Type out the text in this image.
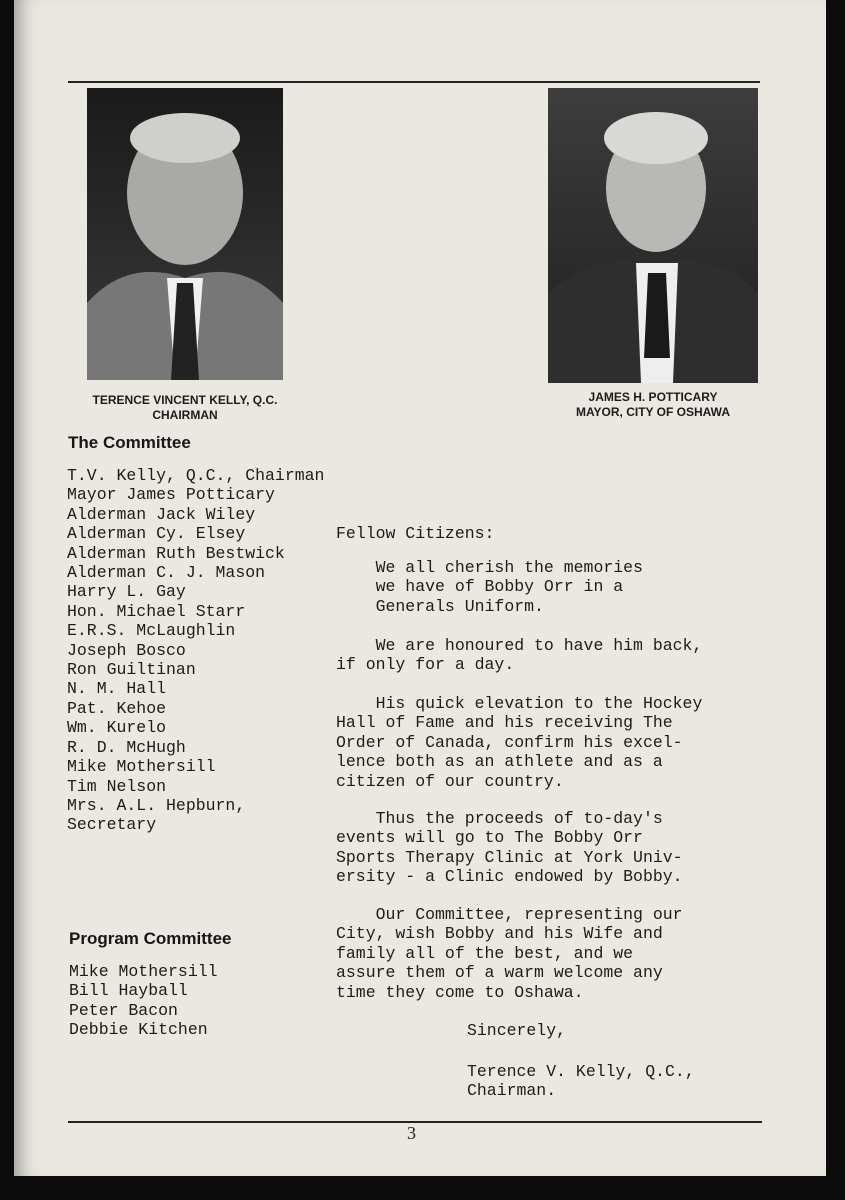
TERENCE VINCENT KELLY, Q.C.
CHAIRMAN
JAMES H. POTTICARY
MAYOR, CITY OF OSHAWA
The Committee
T.V. Kelly, Q.C., Chairman
Mayor James Potticary
Alderman Jack Wiley
Alderman Cy. Elsey
Alderman Ruth Bestwick
Alderman C. J. Mason
Harry L. Gay
Hon. Michael Starr
E.R.S. McLaughlin
Joseph Bosco
Ron Guiltinan
N. M. Hall
Pat. Kehoe
Wm. Kurelo
R. D. McHugh
Mike Mothersill
Tim Nelson
Mrs. A.L. Hepburn,
Secretary
Program Committee
Mike Mothersill
Bill Hayball
Peter Bacon
Debbie Kitchen
Fellow Citizens:
We all cherish the memories
we have of Bobby Orr in a
Generals Uniform.
We are honoured to have him back,
if only for a day.
His quick elevation to the Hockey
Hall of Fame and his receiving The
Order of Canada, confirm his excel-
lence both as an athlete and as a
citizen of our country.
Thus the proceeds of to-day's
events will go to The Bobby Orr
Sports Therapy Clinic at York Univ-
ersity - a Clinic endowed by Bobby.
Our Committee, representing our
City, wish Bobby and his Wife and
family all of the best, and we
assure them of a warm welcome any
time they come to Oshawa.
Sincerely,
Terence V. Kelly, Q.C.,
Chairman.
3
